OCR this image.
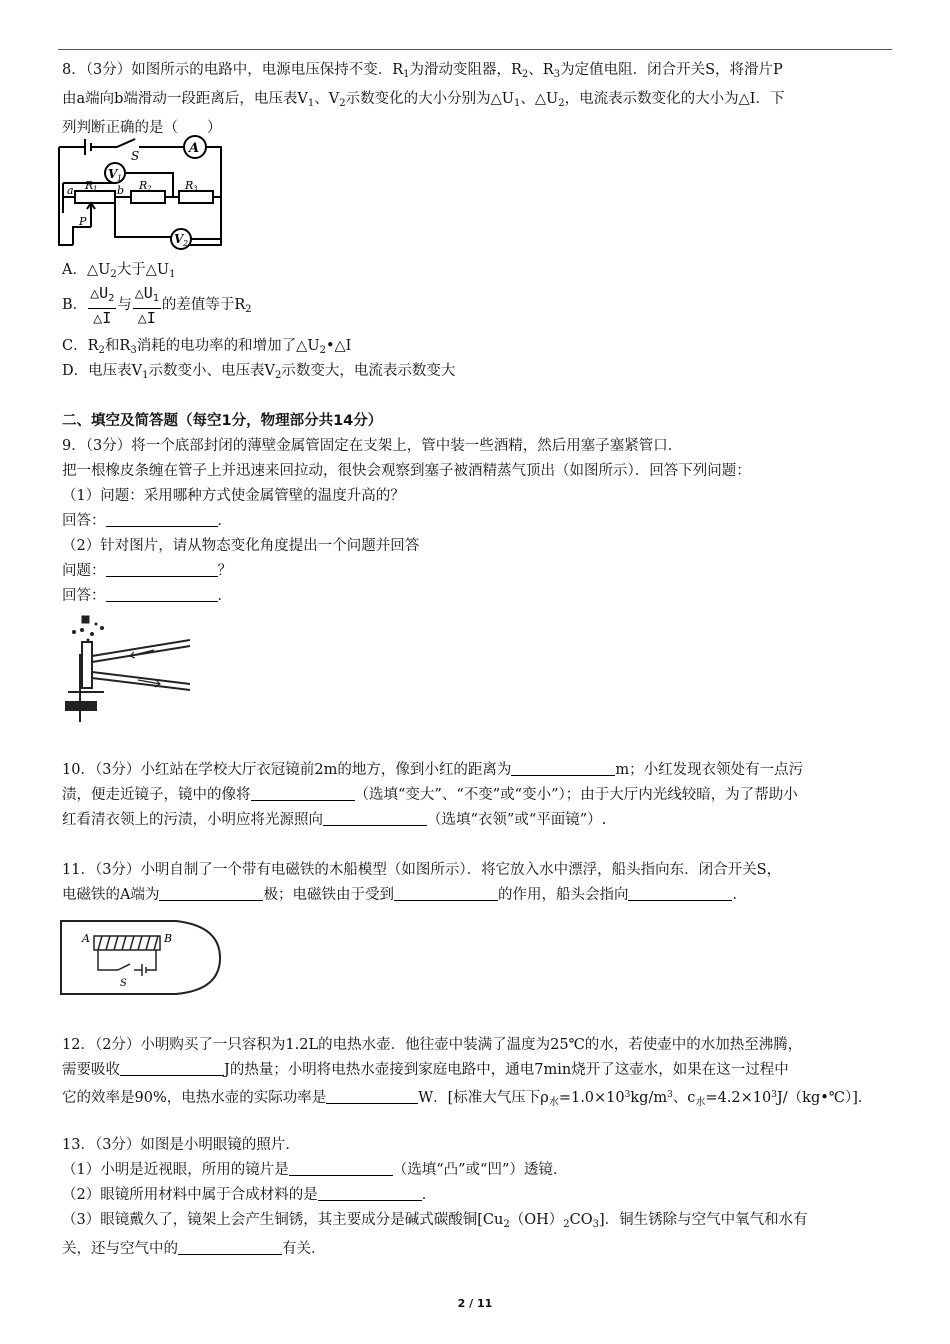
8．（3分）如图所示的电路中，电源电压保持不变．$R_1$为滑动变阻器，$R_2$、$R_3$为定值电阻．闭合开关S，将滑片P
由a端向b端滑动一段距离后，电压表$V_1$、$V_2$示数变化的大小分别为$\triangle U_1$、$\triangle U_2$，电流表示数变化的大小为△I．下
列判断正确的是（　　）
S	A
V 1
R 1	R 2	R 3
a	b
P
V 2
A．$\triangle U_2$大于$\triangle U_1$
B． $\frac{\triangle U_2}{\triangle I}$ 与 $\frac{\triangle U_1}{\triangle I}$ 的差值等于$R_2$
C．$R_2$和$R_3$消耗的电功率的和增加了$\triangle U_2•\triangle I$
D．电压表$V_1$示数变小、电压表$V_2$示数变大，电流表示数变大
二、填空及简答题（每空1分，物理部分共14分）
9．（3分）将一个底部封闭的薄壁金属管固定在支架上，管中装一些酒精，然后用塞子塞紧管口．
把一根橡皮条缠在管子上并迅速来回拉动，很快会观察到塞子被酒精蒸气顶出（如图所示）．回答下列问题：
（1）问题：采用哪种方式使金属管壁的温度升高的？
回答：	．
（2）针对图片，请从物态变化角度提出一个问题并回答
问题：	？
回答：	．
10．（3分）小红站在学校大厅衣冠镜前2m的地方，像到小红的距离为	m；小红发现衣领处有一点污
渍，便走近镜子，镜中的像将	（选填“变大”、“不变”或“变小”）；由于大厅内光线较暗，为了帮助小
红看清衣领上的污渍，小明应将光源照向	（选填“衣领”或“平面镜”）.
11．（3分）小明自制了一个带有电磁铁的木船模型（如图所示）．将它放入水中漂浮，船头指向东．闭合开关S，
电磁铁的A端为	极；电磁铁由于受到	的作用，船头会指向	．
A	B
S
12．（2分）小明购买了一只容积为1.2L的电热水壶．他往壶中装满了温度为25℃的水，若使壶中的水加热至沸腾，
需要吸收	J的热量；小明将电热水壶接到家庭电路中，通电7min烧开了这壶水，如果在这一过程中
它的效率是90%，电热水壶的实际功率是	W．[标准大气压下$\rho_水=1.0\times 10^3kg/m^3$、$c_水=4.2\times 10^3J/(kg•℃)$]．
13．（3分）如图是小明眼镜的照片．
（1）小明是近视眼，所用的镜片是	（选填“凸”或“凹”）透镜．
（2）眼镜所用材料中属于合成材料的是	．
（3）眼镜戴久了，镜架上会产生铜锈，其主要成分是碱式碳酸铜$[Cu_2(OH)_2CO_3]$．铜生锈除与空气中氧气和水有
关，还与空气中的	有关．
2 / 11
